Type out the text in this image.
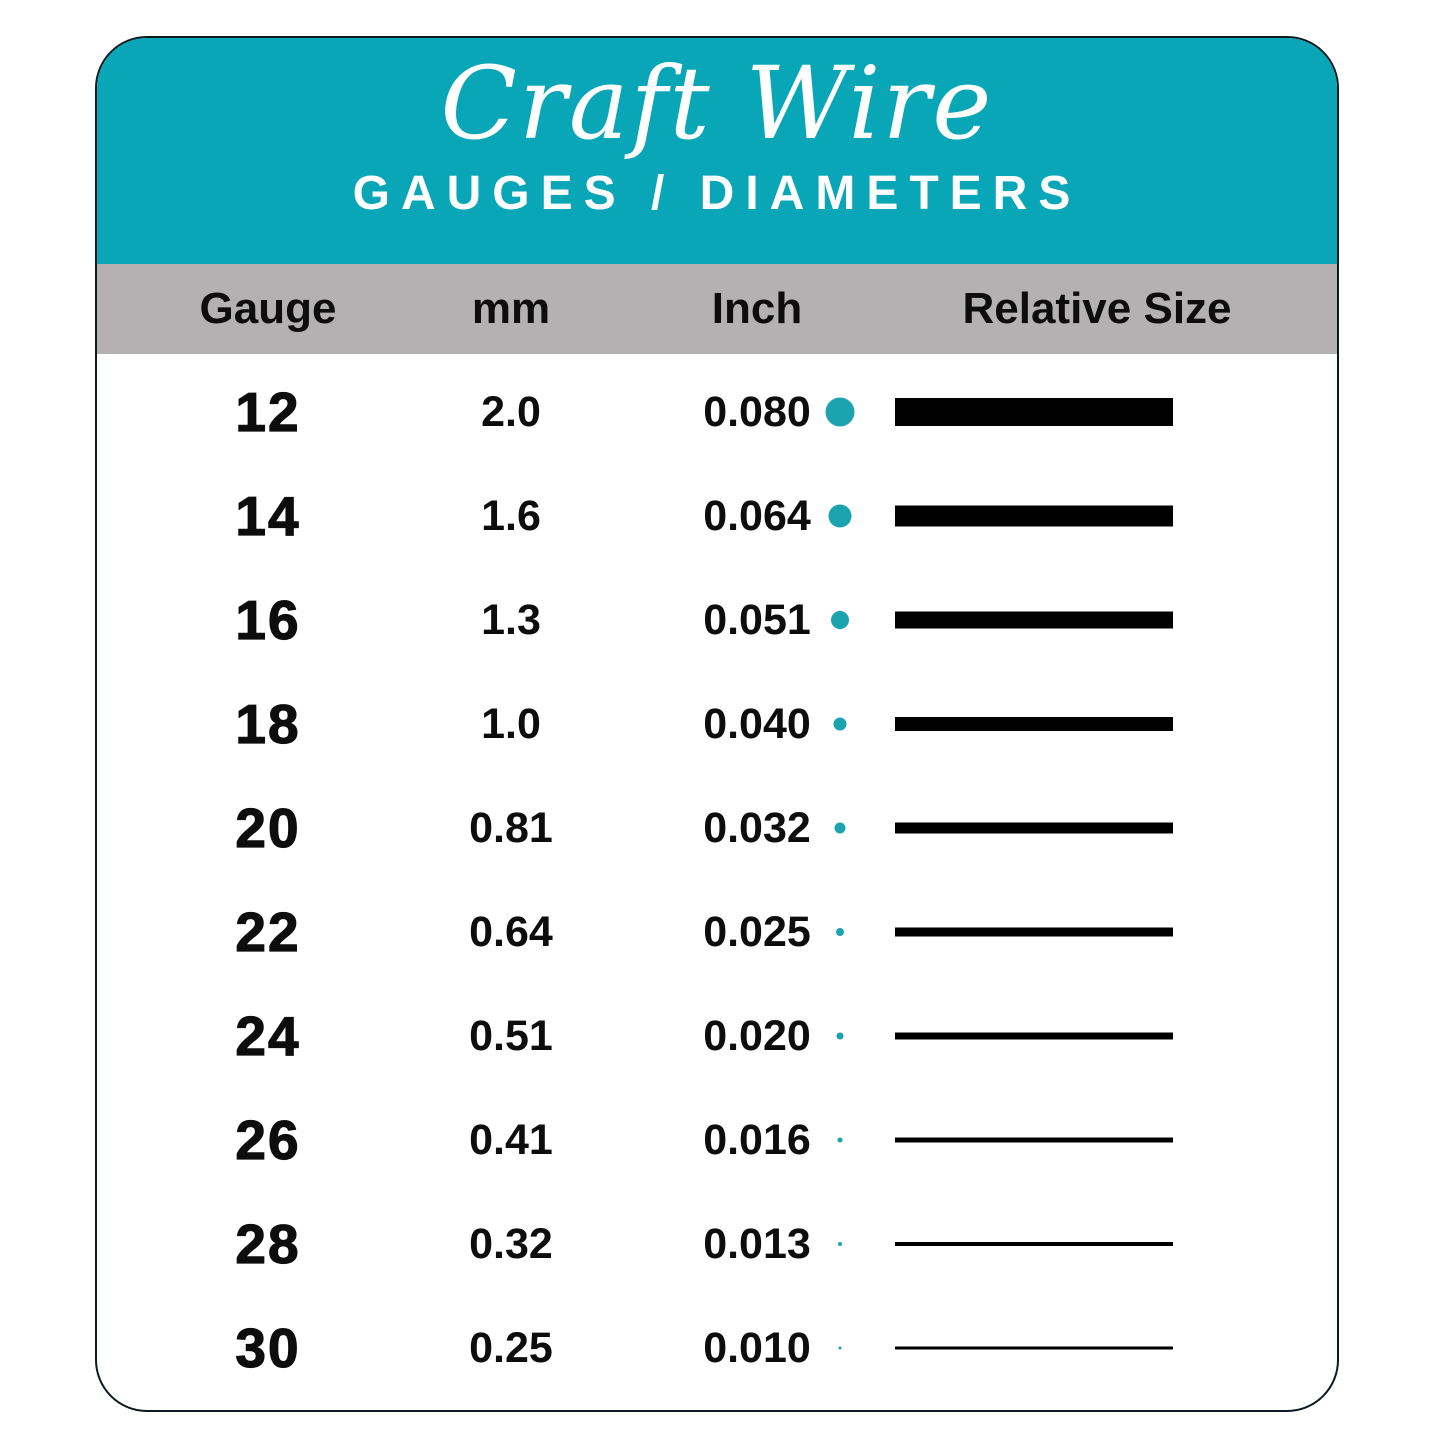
Craft Wire
GAUGES / DIAMETERS
Gauge	mm	Inch	Relative Size
12	2.0	0.080
14	1.6	0.064
16	1.3	0.051
18	1.0	0.040
20	0.81	0.032
22	0.64	0.025
24	0.51	0.020
26	0.41	0.016
28	0.32	0.013
30	0.25	0.010
